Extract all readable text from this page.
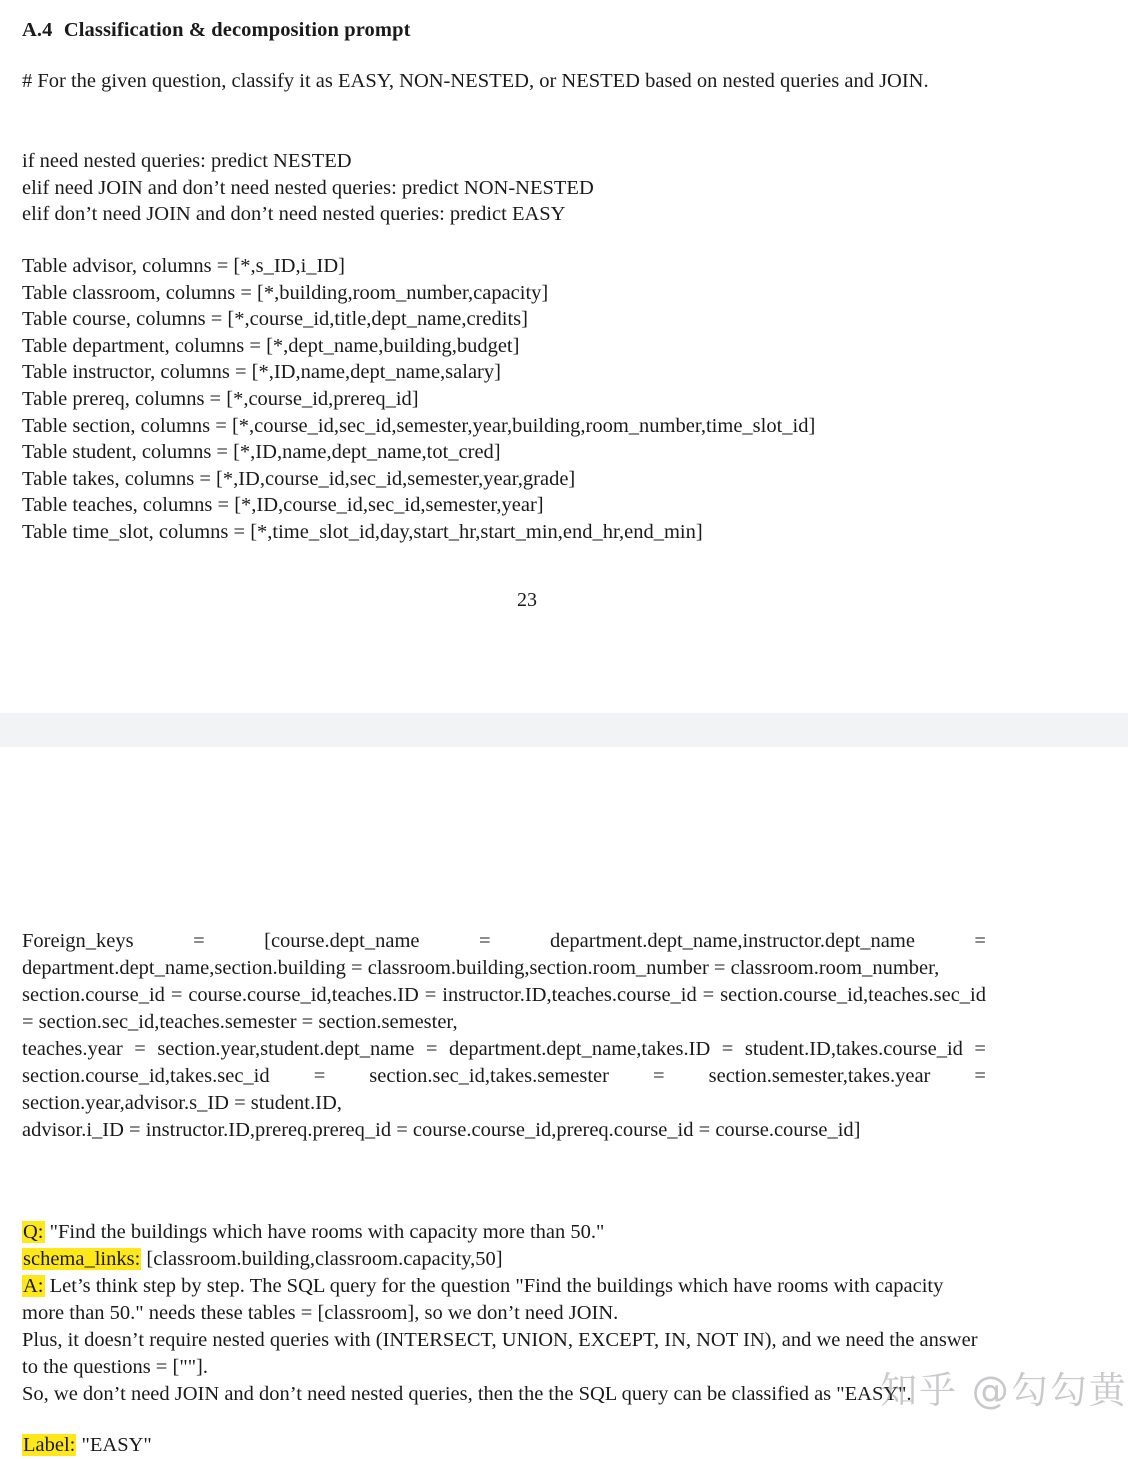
A.4	Classification & decomposition prompt

# For the given question, classify it as EASY, NON-NESTED, or NESTED based on nested queries and JOIN.

if need nested queries: predict NESTED
elif need JOIN and don’t need nested queries: predict NON-NESTED
elif don’t need JOIN and don’t need nested queries: predict EASY
Table advisor, columns = [*,s_ID,i_ID]
Table classroom, columns = [*,building,room_number,capacity]
Table course, columns = [*,course_id,title,dept_name,credits]
Table department, columns = [*,dept_name,building,budget]
Table instructor, columns = [*,ID,name,dept_name,salary]
Table prereq, columns = [*,course_id,prereq_id]
Table section, columns = [*,course_id,sec_id,semester,year,building,room_number,time_slot_id]
Table student, columns = [*,ID,name,dept_name,tot_cred]
Table takes, columns = [*,ID,course_id,sec_id,semester,year,grade]
Table teaches, columns = [*,ID,course_id,sec_id,semester,year]
Table time_slot, columns = [*,time_slot_id,day,start_hr,start_min,end_hr,end_min]
23

Foreign_keys = [course.dept_name = department.dept_name,instructor.dept_name = department.dept_name,section.building = classroom.building,section.room_number = classroom.room_number,

section.course_id = course.course_id,teaches.ID = instructor.ID,teaches.course_id = section.course_id,teaches.sec_id = section.sec_id,teaches.semester = section.semester,

teaches.year = section.year,student.dept_name = department.dept_name,takes.ID = student.ID,takes.course_id = section.course_id,takes.sec_id = section.sec_id,takes.semester = section.semester,takes.year = section.year,advisor.s_ID = student.ID,

advisor.i_ID = instructor.ID,prereq.prereq_id = course.course_id,prereq.course_id = course.course_id]

Q: "Find the buildings which have rooms with capacity more than 50."
schema_links: [classroom.building,classroom.capacity,50]
A: Let’s think step by step. The SQL query for the question "Find the buildings which have rooms with capacity more than 50." needs these tables = [classroom], so we don’t need JOIN.
Plus, it doesn’t require nested queries with (INTERSECT, UNION, EXCEPT, IN, NOT IN), and we need the answer to the questions = [""].
So, we don’t need JOIN and don’t need nested queries, then the the SQL query can be classified as "EASY".
Label: "EASY"
知乎 @勾勾黄
